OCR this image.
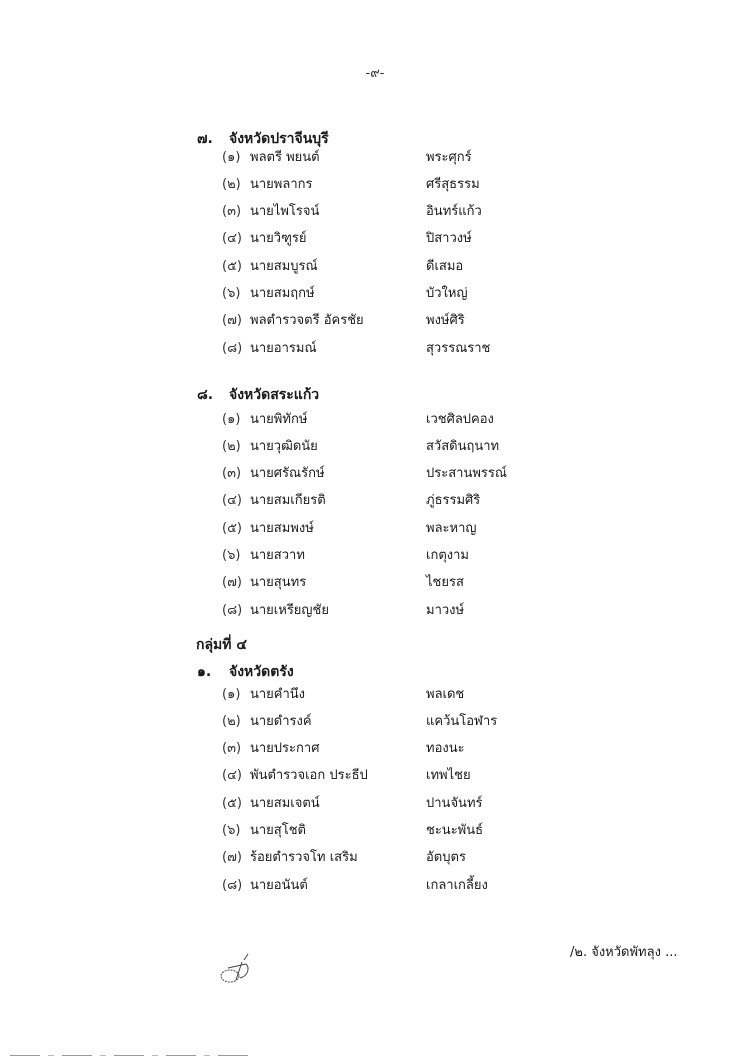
-๙-
๗.	จังหวัดปราจีนบุรี
(๑) พลตรี พยนต์	พระศุกร์
(๒) นายพลากร	ศรีสุธรรม
(๓) นายไพโรจน์	อินทร์แก้ว
(๔) นายวิฑูรย์	ปิสาวงษ์
(๕) นายสมบูรณ์	ดีเสมอ
(๖) นายสมฤกษ์	บัวใหญ่
(๗) พลตำรวจตรี อัครชัย	พงษ์ศิริ
(๘) นายอารมณ์	สุวรรณราช
๘.	จังหวัดสระแก้ว
(๑) นายพิทักษ์	เวชศิลปคอง
(๒) นายวุฒิดนัย	สวัสดินฤนาท
(๓) นายศรัณรักษ์	ประสานพรรณ์
(๔) นายสมเกียรติ	ภู่ธรรมศิริ
(๕) นายสมพงษ์	พละหาญ
(๖) นายสวาท	เกตุงาม
(๗) นายสุนทร	ไชยรส
(๘) นายเหรียญชัย	มาวงษ์
กลุ่มที่ ๔
๑.	จังหวัดตรัง
(๑) นายคำนึง	พลเดช
(๒) นายดำรงค์	แคว้นโอฬาร
(๓) นายประกาศ	ทองนะ
(๔) พันตำรวจเอก ประธีป	เทพไชย
(๕) นายสมเจตน์	ปานจันทร์
(๖) นายสุโชติ	ชะนะพันธ์
(๗) ร้อยตำรวจโท เสริม	อัตบุตร
(๘) นายอนันต์	เกลาเกลี้ยง
/๒. จังหวัดพัทลุง ...
